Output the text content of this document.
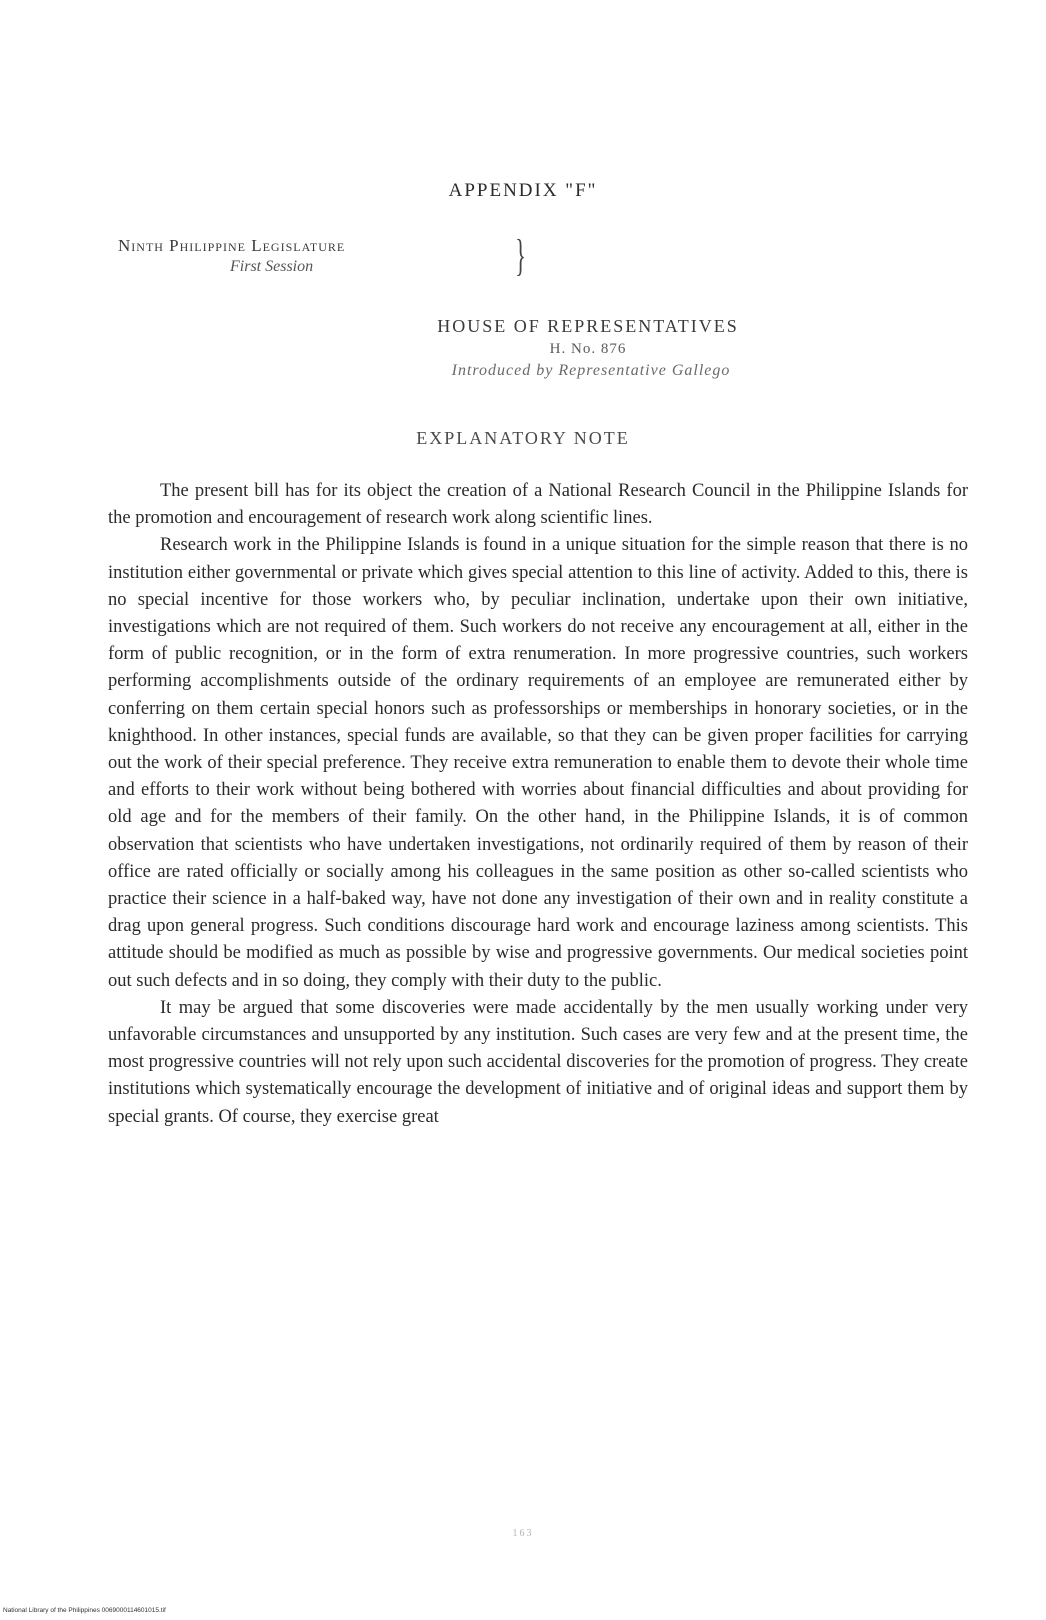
APPENDIX "F"
Ninth Philippine Legislature
First Session	}
HOUSE OF REPRESENTATIVES
H. No. 876
Introduced by Representative Gallego
EXPLANATORY NOTE

The present bill has for its object the creation of a National Research Council in the Philippine Islands for the promotion and encouragement of research work along scientific lines.

Research work in the Philippine Islands is found in a unique situation for the simple reason that there is no institution either governmental or private which gives special attention to this line of activity. Added to this, there is no special incentive for those workers who, by peculiar inclination, undertake upon their own initiative, investigations which are not required of them. Such workers do not receive any encouragement at all, either in the form of public recognition, or in the form of extra renumeration. In more progressive countries, such workers performing accomplishments outside of the ordinary requirements of an employee are remunerated either by conferring on them certain special honors such as professorships or memberships in honorary societies, or in the knighthood. In other instances, special funds are available, so that they can be given proper facilities for carrying out the work of their special preference. They receive extra remuneration to enable them to devote their whole time and efforts to their work without being bothered with worries about financial difficulties and about providing for old age and for the members of their family. On the other hand, in the Philippine Islands, it is of common observation that scientists who have undertaken investigations, not ordinarily required of them by reason of their office are rated officially or socially among his colleagues in the same position as other so-called scientists who practice their science in a half-baked way, have not done any investigation of their own and in reality constitute a drag upon general progress. Such conditions discourage hard work and encourage laziness among scientists. This attitude should be modified as much as possible by wise and progressive governments. Our medical societies point out such defects and in so doing, they comply with their duty to the public.

It may be argued that some discoveries were made accidentally by the men usually working under very unfavorable circumstances and unsupported by any institution. Such cases are very few and at the present time, the most progressive countries will not rely upon such accidental discoveries for the promotion of progress. They create institutions which systematically encourage the development of initiative and of original ideas and support them by special grants. Of course, they exercise great

163
National Library of the Philippines 0069000114601015.tif
